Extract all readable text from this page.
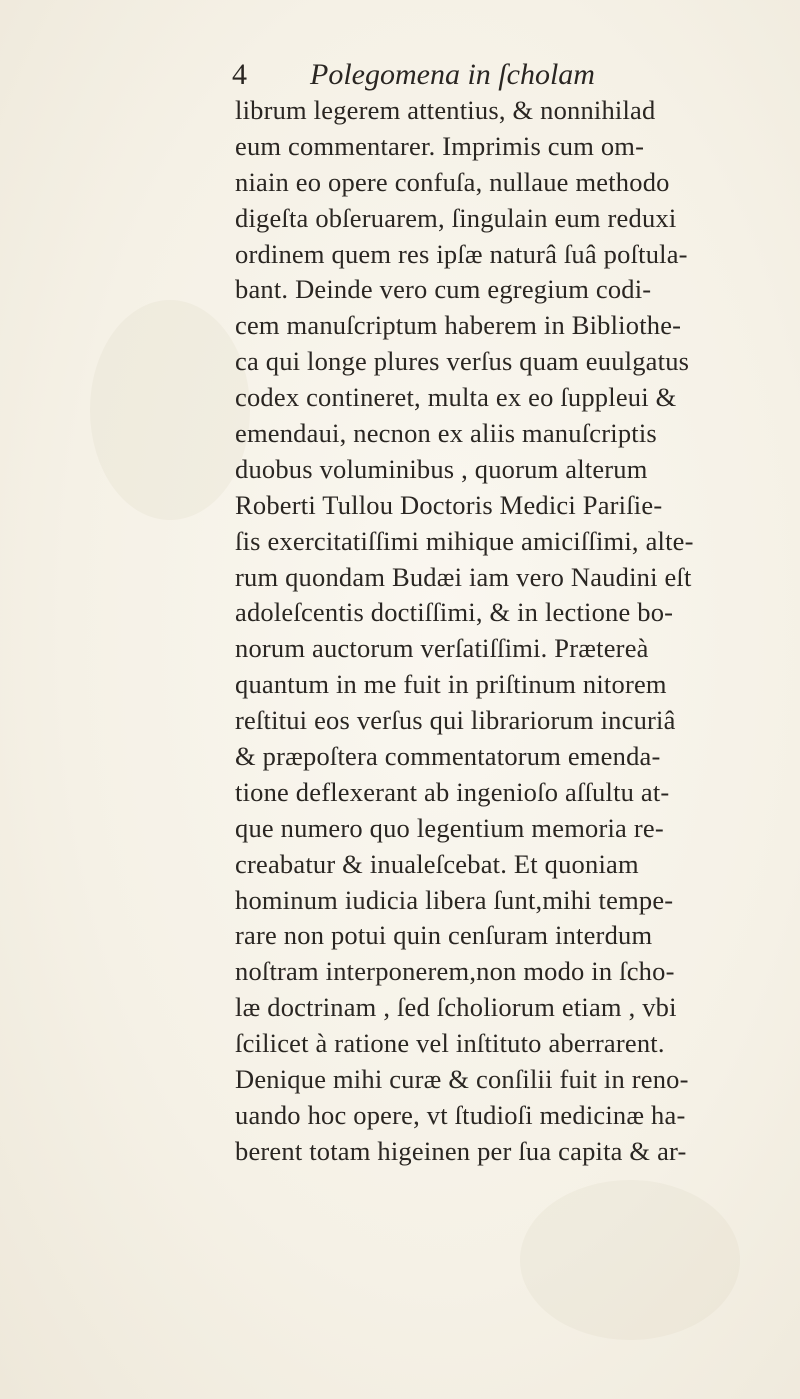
4 Polegomena in ſcholam
librum legerem attentius, & nonnihilad
eum commentarer. Imprimis cum om-
niain eo opere confuſa, nullaue methodo
digeſta obſeruarem, ſingulain eum reduxi
ordinem quem res ipſæ naturâ ſuâ poſtula-
bant. Deinde vero cum egregium codi-
cem manuſcriptum haberem in Bibliothe-
ca qui longe plures verſus quam euulgatus
codex contineret, multa ex eo ſuppleui &
emendaui, necnon ex aliis manuſcriptis
duobus voluminibus , quorum alterum
Roberti Tullou Doctoris Medici Pariſie-
ſis exercitatiſſimi mihique amiciſſimi, alte-
rum quondam Budæi iam vero Naudini eſt
adoleſcentis doctiſſimi, & in lectione bo-
norum auctorum verſatiſſimi. Prætereà
quantum in me fuit in priſtinum nitorem
reſtitui eos verſus qui librariorum incuriâ
& præpoſtera commentatorum emenda-
tione deflexerant ab ingenioſo aſſultu at-
que numero quo legentium memoria re-
creabatur & inualeſcebat. Et quoniam
hominum iudicia libera ſunt,mihi tempe-
rare non potui quin cenſuram interdum
noſtram interponerem,non modo in ſcho-
læ doctrinam , ſed ſcholiorum etiam , vbi
ſcilicet à ratione vel inſtituto aberrarent.
Denique mihi curæ & conſilii fuit in reno-
uando hoc opere, vt ſtudioſi medicinæ ha-
berent totam higeinen per ſua capita & ar-
